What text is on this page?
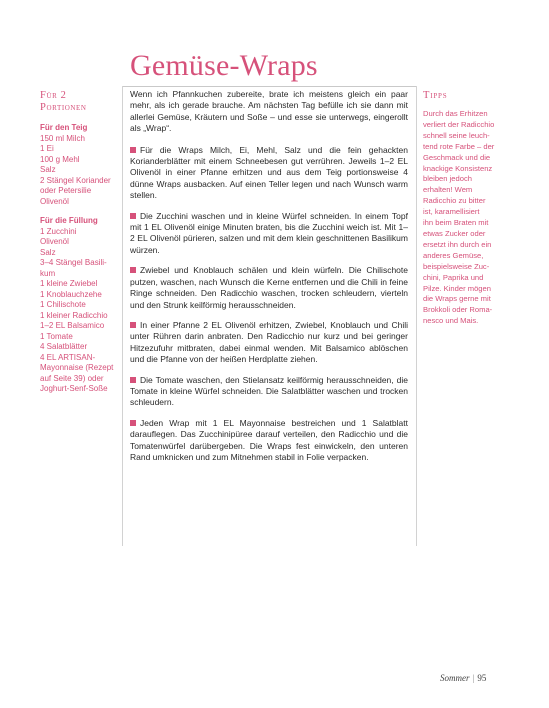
Gemüse-Wraps
Für 2
Portionen
Für den Teig
150 ml Milch
1 Ei
100 g Mehl
Salz
2 Stängel Koriander
oder Petersilie
Olivenöl
Für die Füllung
1 Zucchini
Olivenöl
Salz
3–4 Stängel Basili-
kum
1 kleine Zwiebel
1 Knoblauchzehe
1 Chilischote
1 kleiner Radicchio
1–2 EL Balsamico
1 Tomate
4 Salatblätter
4 EL ARTISAN-
Mayonnaise (Rezept
auf Seite 39) oder
Joghurt-Senf-Soße

Wenn ich Pfannkuchen zubereite, brate ich meistens gleich ein paar mehr, als ich gerade brauche. Am nächsten Tag befülle ich sie dann mit allerlei Gemüse, Kräutern und Soße – und esse sie unterwegs, eingerollt als „Wrap“.

Für die Wraps Milch, Ei, Mehl, Salz und die fein gehackten Korianderblätter mit einem Schneebesen gut verrühren. Jeweils 1–2 EL Olivenöl in einer Pfanne erhitzen und aus dem Teig portionsweise 4 dünne Wraps ausbacken. Auf einen Teller legen und nach Wunsch warm stellen.

Die Zucchini waschen und in kleine Würfel schneiden. In einem Topf mit 1 EL Olivenöl einige Minuten braten, bis die Zucchini weich ist. Mit 1–2 EL Olivenöl pürieren, salzen und mit dem klein geschnittenen Basilikum würzen.

Zwiebel und Knoblauch schälen und klein würfeln. Die Chilischote putzen, waschen, nach Wunsch die Kerne entfernen und die Chili in feine Ringe schneiden. Den Radicchio waschen, trocken schleudern, vierteln und den Strunk keilförmig herausschneiden.

In einer Pfanne 2 EL Olivenöl erhitzen, Zwiebel, Knoblauch und Chili unter Rühren darin anbraten. Den Radicchio nur kurz und bei geringer Hitzezufuhr mitbraten, dabei einmal wenden. Mit Balsamico ablöschen und die Pfanne von der heißen Herdplatte ziehen.

Die Tomate waschen, den Stielansatz keilförmig herausschneiden, die Tomate in kleine Würfel schneiden. Die Salatblätter waschen und trocken schleudern.

Jeden Wrap mit 1 EL Mayonnaise bestreichen und 1 Salatblatt darauflegen. Das Zucchinipüree darauf verteilen, den Radicchio und die Tomatenwürfel darübergeben. Die Wraps fest einwickeln, den unteren Rand umknicken und zum Mitnehmen stabil in Folie verpacken.

Tipps

Durch das Erhitzen
verliert der Radicchio
schnell seine leuch-
tend rote Farbe – der
Geschmack und die
knackige Konsistenz
bleiben jedoch
erhalten! Wem
Radicchio zu bitter
ist, karamellisiert
ihn beim Braten mit
etwas Zucker oder
ersetzt ihn durch ein
anderes Gemüse,
beispielsweise Zuc-
chini, Paprika und
Pilze. Kinder mögen
die Wraps gerne mit
Brokkoli oder Roma-
nesco und Mais.

Sommer | 95
